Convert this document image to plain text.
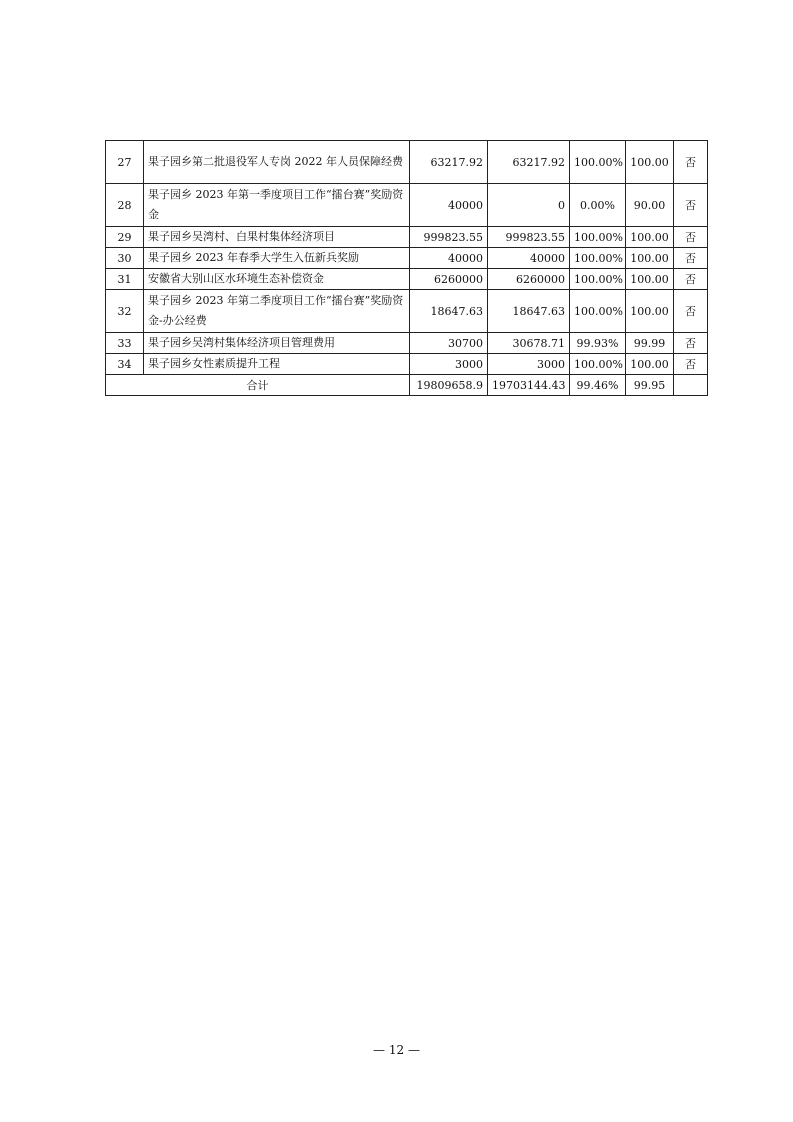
27	果子园乡第二批退役军人专岗 2022 年人员保障经费	63217.92	63217.92	100.00%	100.00	否
28	果子园乡 2023 年第一季度项目工作“擂台赛”奖励资金	40000	0	0.00%	90.00	否
29	果子园乡吴湾村、白果村集体经济项目	999823.55	999823.55	100.00%	100.00	否
30	果子园乡 2023 年春季大学生入伍新兵奖励	40000	40000	100.00%	100.00	否
31	安徽省大别山区水环境生态补偿资金	6260000	6260000	100.00%	100.00	否
32	果子园乡 2023 年第二季度项目工作“擂台赛”奖励资金-办公经费	18647.63	18647.63	100.00%	100.00	否
33	果子园乡吴湾村集体经济项目管理费用	30700	30678.71	99.93%	99.99	否
34	果子园乡女性素质提升工程	3000	3000	100.00%	100.00	否
合计		19809658.9	19703144.43	99.46%	99.95	
— 12 —
